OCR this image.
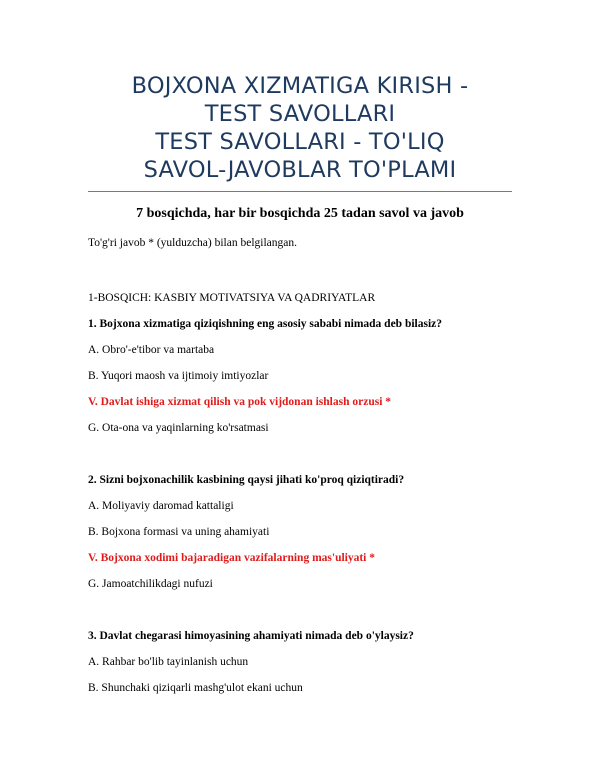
BOJXONA XIZMATIGA KIRISH -
TEST SAVOLLARI
TEST SAVOLLARI - TO'LIQ
SAVOL-JAVOBLAR TO'PLAMI
7 bosqichda, har bir bosqichda 25 tadan savol va javob
To'g'ri javob * (yulduzcha) bilan belgilangan.
1-BOSQICH: KASBIY MOTIVATSIYA VA QADRIYATLAR
1. Bojxona xizmatiga qiziqishning eng asosiy sababi nimada deb bilasiz?
A. Obro'-e'tibor va martaba
B. Yuqori maosh va ijtimoiy imtiyozlar
V. Davlat ishiga xizmat qilish va pok vijdonan ishlash orzusi *
G. Ota-ona va yaqinlarning ko'rsatmasi
2. Sizni bojxonachilik kasbining qaysi jihati ko'proq qiziqtiradi?
A. Moliyaviy daromad kattaligi
B. Bojxona formasi va uning ahamiyati
V. Bojxona xodimi bajaradigan vazifalarning mas'uliyati *
G. Jamoatchilikdagi nufuzi
3. Davlat chegarasi himoyasining ahamiyati nimada deb o'ylaysiz?
A. Rahbar bo'lib tayinlanish uchun
B. Shunchaki qiziqarli mashg'ulot ekani uchun
